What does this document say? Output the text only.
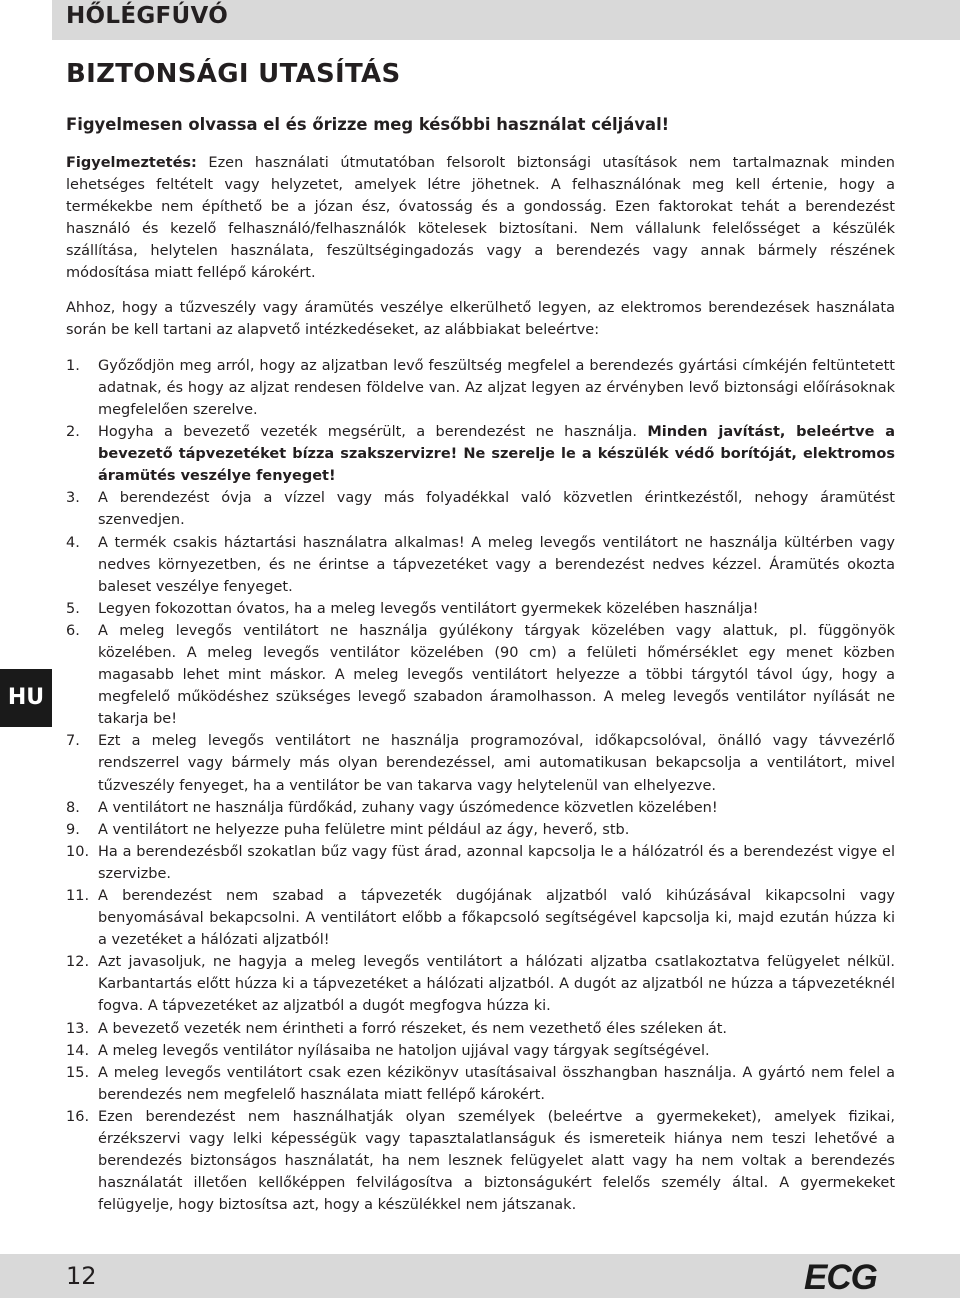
HŐLÉGFÚVÓ
BIZTONSÁGI UTASÍTÁS
Figyelmesen olvassa el és őrizze meg későbbi használat céljával!

Figyelmeztetés: Ezen használati útmutatóban felsorolt biztonsági utasítások nem tartalmaznak minden lehetséges feltételt vagy helyzetet, amelyek létre jöhetnek. A felhasználónak meg kell értenie, hogy a termékekbe nem építhető be a józan ész, óvatosság és a gondosság. Ezen faktorokat tehát a berendezést használó és kezelő felhasználó/felhasználók kötelesek biztosítani. Nem vállalunk felelősséget a készülék szállítása, helytelen használata, feszültségingadozás vagy a berendezés vagy annak bármely részének módosítása miatt fellépő károkért.

Ahhoz, hogy a tűzveszély vagy áramütés veszélye elkerülhető legyen, az elektromos berendezések használata során be kell tartani az alapvető intézkedéseket, az alábbiakat beleértve:

1. Győződjön meg arról, hogy az aljzatban levő feszültség megfelel a berendezés gyártási címkéjén feltüntetett adatnak, és hogy az aljzat rendesen földelve van. Az aljzat legyen az érvényben levő biztonsági előírásoknak megfelelően szerelve.
2. Hogyha a bevezető vezeték megsérült, a berendezést ne használja. Minden javítást, beleértve a bevezető tápvezetéket bízza szakszervizre! Ne szerelje le a készülék védő borítóját, elektromos áramütés veszélye fenyeget!
3. A berendezést óvja a vízzel vagy más folyadékkal való közvetlen érintkezéstől, nehogy áramütést szenvedjen.
4. A termék csakis háztartási használatra alkalmas! A meleg levegős ventilátort ne használja kültérben vagy nedves környezetben, és ne érintse a tápvezetéket vagy a berendezést nedves kézzel. Áramütés okozta baleset veszélye fenyeget.
5. Legyen fokozottan óvatos, ha a meleg levegős ventilátort gyermekek közelében használja!
6. A meleg levegős ventilátort ne használja gyúlékony tárgyak közelében vagy alattuk, pl. függönyök közelében. A meleg levegős ventilátor közelében (90 cm) a felületi hőmérséklet egy menet közben magasabb lehet mint máskor. A meleg levegős ventilátort helyezze a többi tárgytól távol úgy, hogy a megfelelő működéshez szükséges levegő szabadon áramolhasson. A meleg levegős ventilátor nyílását ne takarja be!
7. Ezt a meleg levegős ventilátort ne használja programozóval, időkapcsolóval, önálló vagy távvezérlő rendszerrel vagy bármely más olyan berendezéssel, ami automatikusan bekapcsolja a ventilátort, mivel tűzveszély fenyeget, ha a ventilátor be van takarva vagy helytelenül van elhelyezve.
8. A ventilátort ne használja fürdőkád, zuhany vagy úszómedence közvetlen közelében!
9. A ventilátort ne helyezze puha felületre mint például az ágy, heverő, stb.
10. Ha a berendezésből szokatlan bűz vagy füst árad, azonnal kapcsolja le a hálózatról és a berendezést vigye el szervizbe.
11. A berendezést nem szabad a tápvezeték dugójának aljzatból való kihúzásával kikapcsolni vagy benyomásával bekapcsolni. A ventilátort előbb a főkapcsoló segítségével kapcsolja ki, majd ezután húzza ki a vezetéket a hálózati aljzatból!
12. Azt javasoljuk, ne hagyja a meleg levegős ventilátort a hálózati aljzatba csatlakoztatva felügyelet nélkül. Karbantartás előtt húzza ki a tápvezetéket a hálózati aljzatból. A dugót az aljzatból ne húzza a tápvezetéknél fogva. A tápvezetéket az aljzatból a dugót megfogva húzza ki.
13. A bevezető vezeték nem érintheti a forró részeket, és nem vezethető éles széleken át.
14. A meleg levegős ventilátor nyílásaiba ne hatoljon ujjával vagy tárgyak segítségével.
15. A meleg levegős ventilátort csak ezen kézikönyv utasításaival összhangban használja. A gyártó nem felel a berendezés nem megfelelő használata miatt fellépő károkért.
16. Ezen berendezést nem használhatják olyan személyek (beleértve a gyermekeket), amelyek fizikai, érzékszervi vagy lelki képességük vagy tapasztalatlanságuk és ismereteik hiánya nem teszi lehetővé a berendezés biztonságos használatát, ha nem lesznek felügyelet alatt vagy ha nem voltak a berendezés használatát illetően kellőképpen felvilágosítva a biztonságukért felelős személy által. A gyermekeket felügyelje, hogy biztosítsa azt, hogy a készülékkel nem játszanak.
HU
12	ECG
